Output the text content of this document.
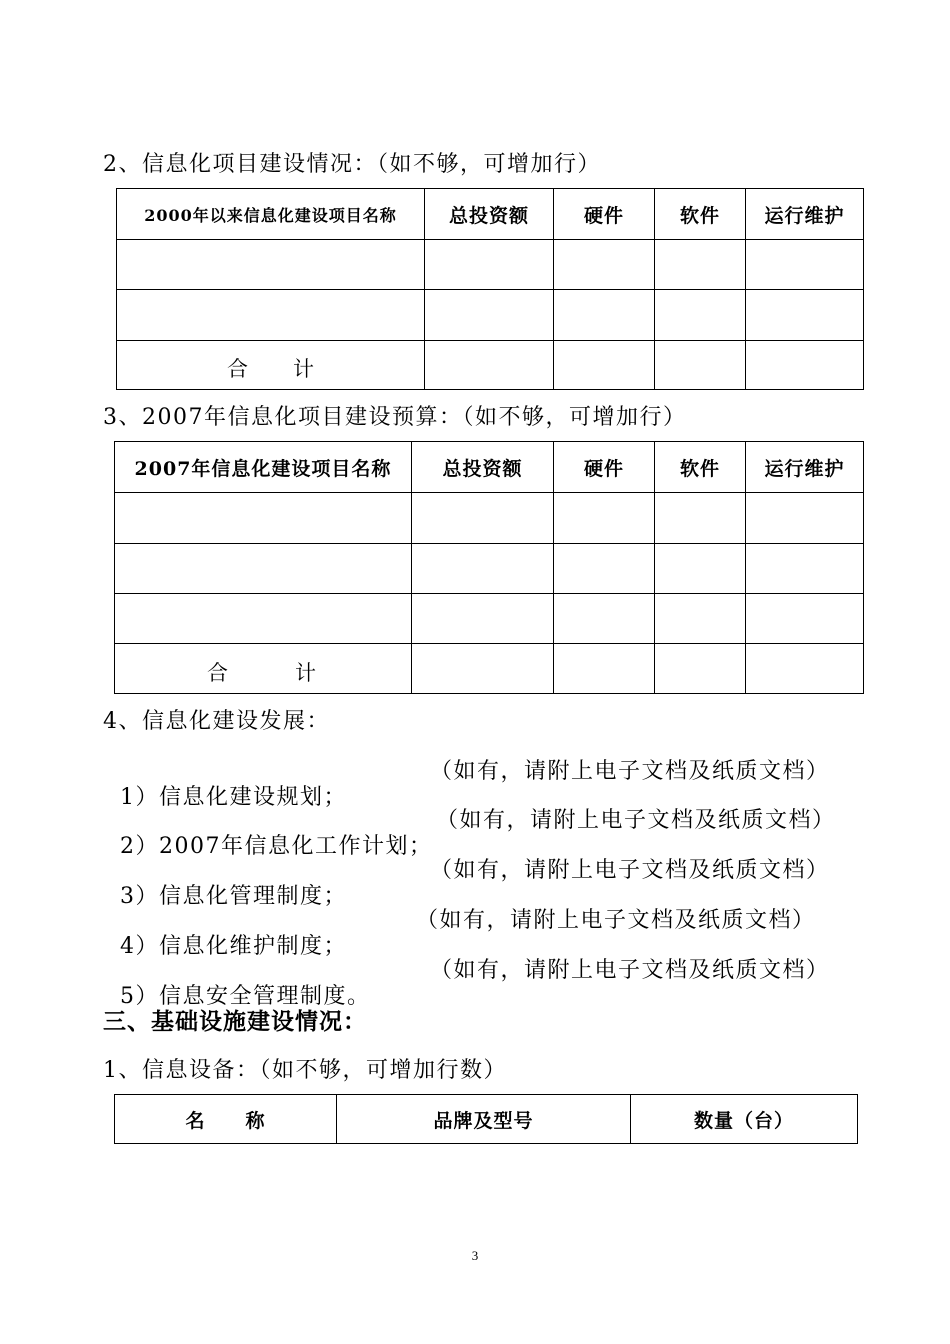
2、信息化项目建设情况：（如不够，可增加行）
2000年以来信息化建设项目名称	总投资额	硬件	软件	运行维护

合　　计				
3、2007年信息化项目建设预算：（如不够，可增加行）
2007年信息化建设项目名称	总投资额	硬件	软件	运行维护

合　　　计				
4、信息化建设发展：

1）信息化建设规划；

（如有，请附上电子文档及纸质文档）

2）2007年信息化工作计划；

（如有，请附上电子文档及纸质文档）

3）信息化管理制度；

（如有，请附上电子文档及纸质文档）

4）信息化维护制度；

（如有，请附上电子文档及纸质文档）

5）信息安全管理制度。

（如有，请附上电子文档及纸质文档）

三、基础设施建设情况：
1、信息设备：（如不够，可增加行数）
名　　称	品牌及型号	数量（台）
3
